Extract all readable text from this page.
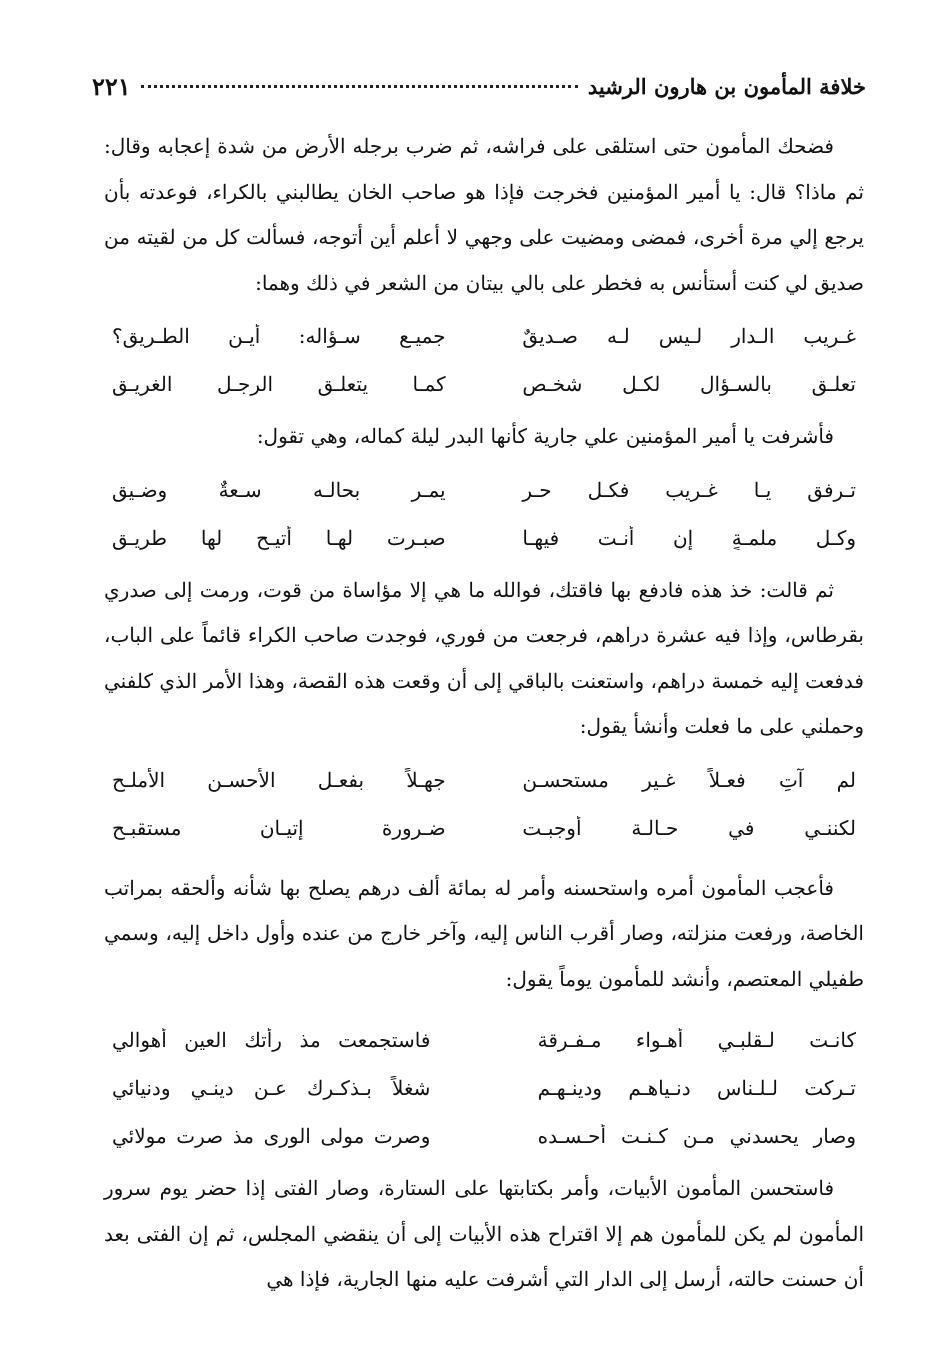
خلافة المأمون بن هارون الرشيد
٢٢١

فضحك المأمون حتى استلقى على فراشه، ثم ضرب برجله الأرض من شدة إعجابه وقال: ثم ماذا؟ قال: يا أمير المؤمنين فخرجت فإذا هو صاحب الخان يطالبني بالكراء، فوعدته بأن يرجع إلي مرة أخرى، فمضى ومضيت على وجهي لا أعلم أين أتوجه، فسألت كل من لقيته من صديق لي كنت أستأنس به فخطر على بالي بيتان من الشعر في ذلك وهما:

غـريب الـدار لـيس لـه صـديقٌ
جميـع سـؤاله: أيـن الطـريق؟
تعلـق بالسـؤال لكـل شخـصٍ
كمـا يتعلـق الرجـل الغريـق

فأشرفت يا أمير المؤمنين علي جارية كأنها البدر ليلة كماله، وهي تقول:

تـرفق يـا غـريب فكـل حـر
يمـر بحالـه سـعةٌ وضـيق
وكـل ملمـةٍ إن أنـت فيهـا
صبـرت لهـا أتيـح لها طريـق

ثم قالت: خذ هذه فادفع بها فاقتك، فوالله ما هي إلا مؤاساة من قوت، ورمت إلى صدري بقرطاس، وإذا فيه عشرة دراهم، فرجعت من فوري، فوجدت صاحب الكراء قائماً على الباب، فدفعت إليه خمسة دراهم، واستعنت بالباقي إلى أن وقعت هذه القصة، وهذا الأمر الذي كلفني وحملني على ما فعلت وأنشأ يقول:

لم آتِ فعـلاً غـير مستحسـن
جهـلاً بفعـل الأحسـن الأملـح
لكننـي في حـالـة أوجبـت
ضـرورة إتيـان مستقبـح

فأعجب المأمون أمره واستحسنه وأمر له بمائة ألف درهم يصلح بها شأنه وألحقه بمراتب الخاصة، ورفعت منزلته، وصار أقرب الناس إليه، وآخر خارج من عنده وأول داخل إليه، وسمي طفيلي المعتصم، وأنشد للمأمون يوماً يقول:

كانـت لـقلبـي أهـواء مـفـرقة
فاستجمعت مذ رأتك العين أهوالي
تـركت لـلـناس دنـياهـم ودينـهـم
شغلاً بـذكـرك عـن دينـي ودنيائي
وصار يحسدني مـن كـنـت أحـسـده
وصرت مولى الورى مذ صرت مولائي

فاستحسن المأمون الأبيات، وأمر بكتابتها على الستارة، وصار الفتى إذا حضر يوم سرور المأمون لم يكن للمأمون هم إلا اقتراح هذه الأبيات إلى أن ينقضي المجلس، ثم إن الفتى بعد أن حسنت حالته، أرسل إلى الدار التي أشرفت عليه منها الجارية، فإذا هي
